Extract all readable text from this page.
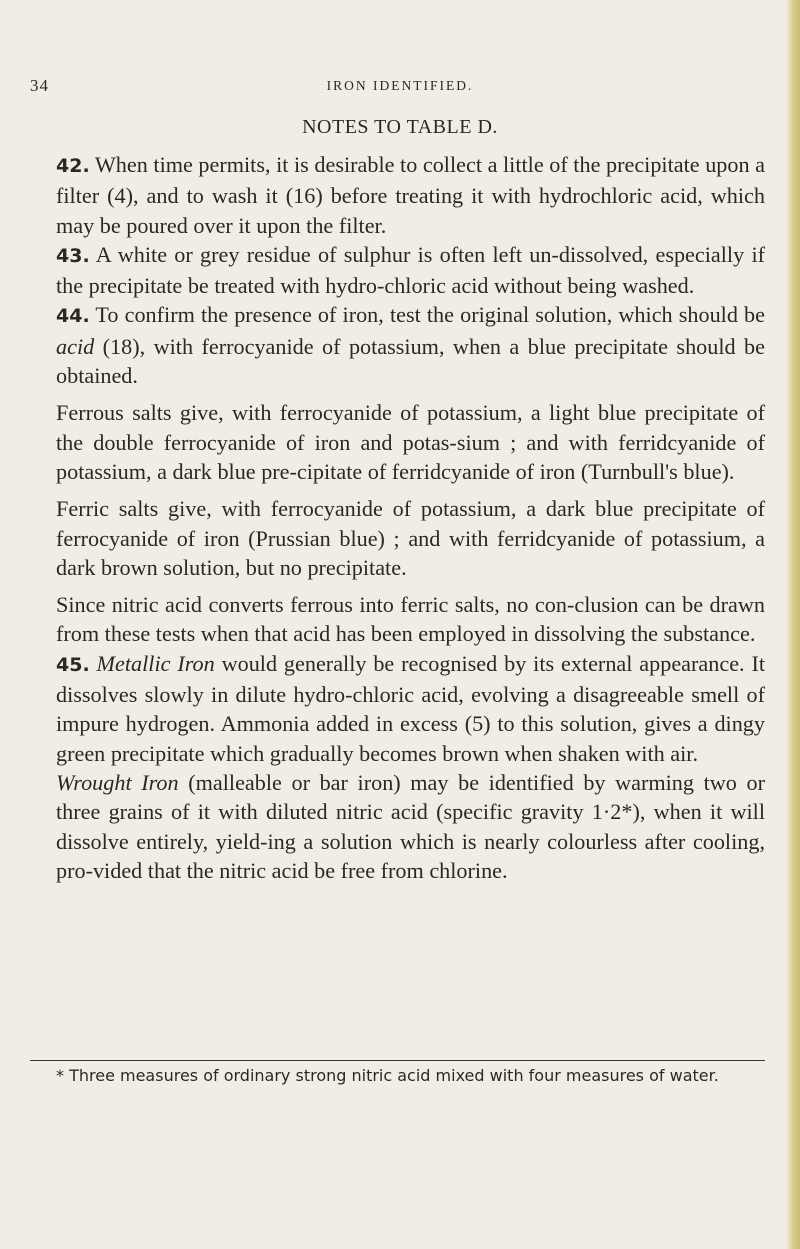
34	IRON IDENTIFIED.
NOTES TO TABLE D.

42. When time permits, it is desirable to collect a little of the precipitate upon a filter (4), and to wash it (16) before treating it with hydrochloric acid, which may be poured over it upon the filter.

43. A white or grey residue of sulphur is often left un-dissolved, especially if the precipitate be treated with hydro-chloric acid without being washed.

44. To confirm the presence of iron, test the original solution, which should be acid (18), with ferrocyanide of potassium, when a blue precipitate should be obtained.

Ferrous salts give, with ferrocyanide of potassium, a light blue precipitate of the double ferrocyanide of iron and potas-sium ; and with ferridcyanide of potassium, a dark blue pre-cipitate of ferridcyanide of iron (Turnbull's blue).

Ferric salts give, with ferrocyanide of potassium, a dark blue precipitate of ferrocyanide of iron (Prussian blue) ; and with ferridcyanide of potassium, a dark brown solution, but no precipitate.

Since nitric acid converts ferrous into ferric salts, no con-clusion can be drawn from these tests when that acid has been employed in dissolving the substance.

45. Metallic Iron would generally be recognised by its external appearance. It dissolves slowly in dilute hydro-chloric acid, evolving a disagreeable smell of impure hydrogen. Ammonia added in excess (5) to this solution, gives a dingy green precipitate which gradually becomes brown when shaken with air.

Wrought Iron (malleable or bar iron) may be identified by warming two or three grains of it with diluted nitric acid (specific gravity 1·2*), when it will dissolve entirely, yield-ing a solution which is nearly colourless after cooling, pro-vided that the nitric acid be free from chlorine.

* Three measures of ordinary strong nitric acid mixed with four measures of water.
